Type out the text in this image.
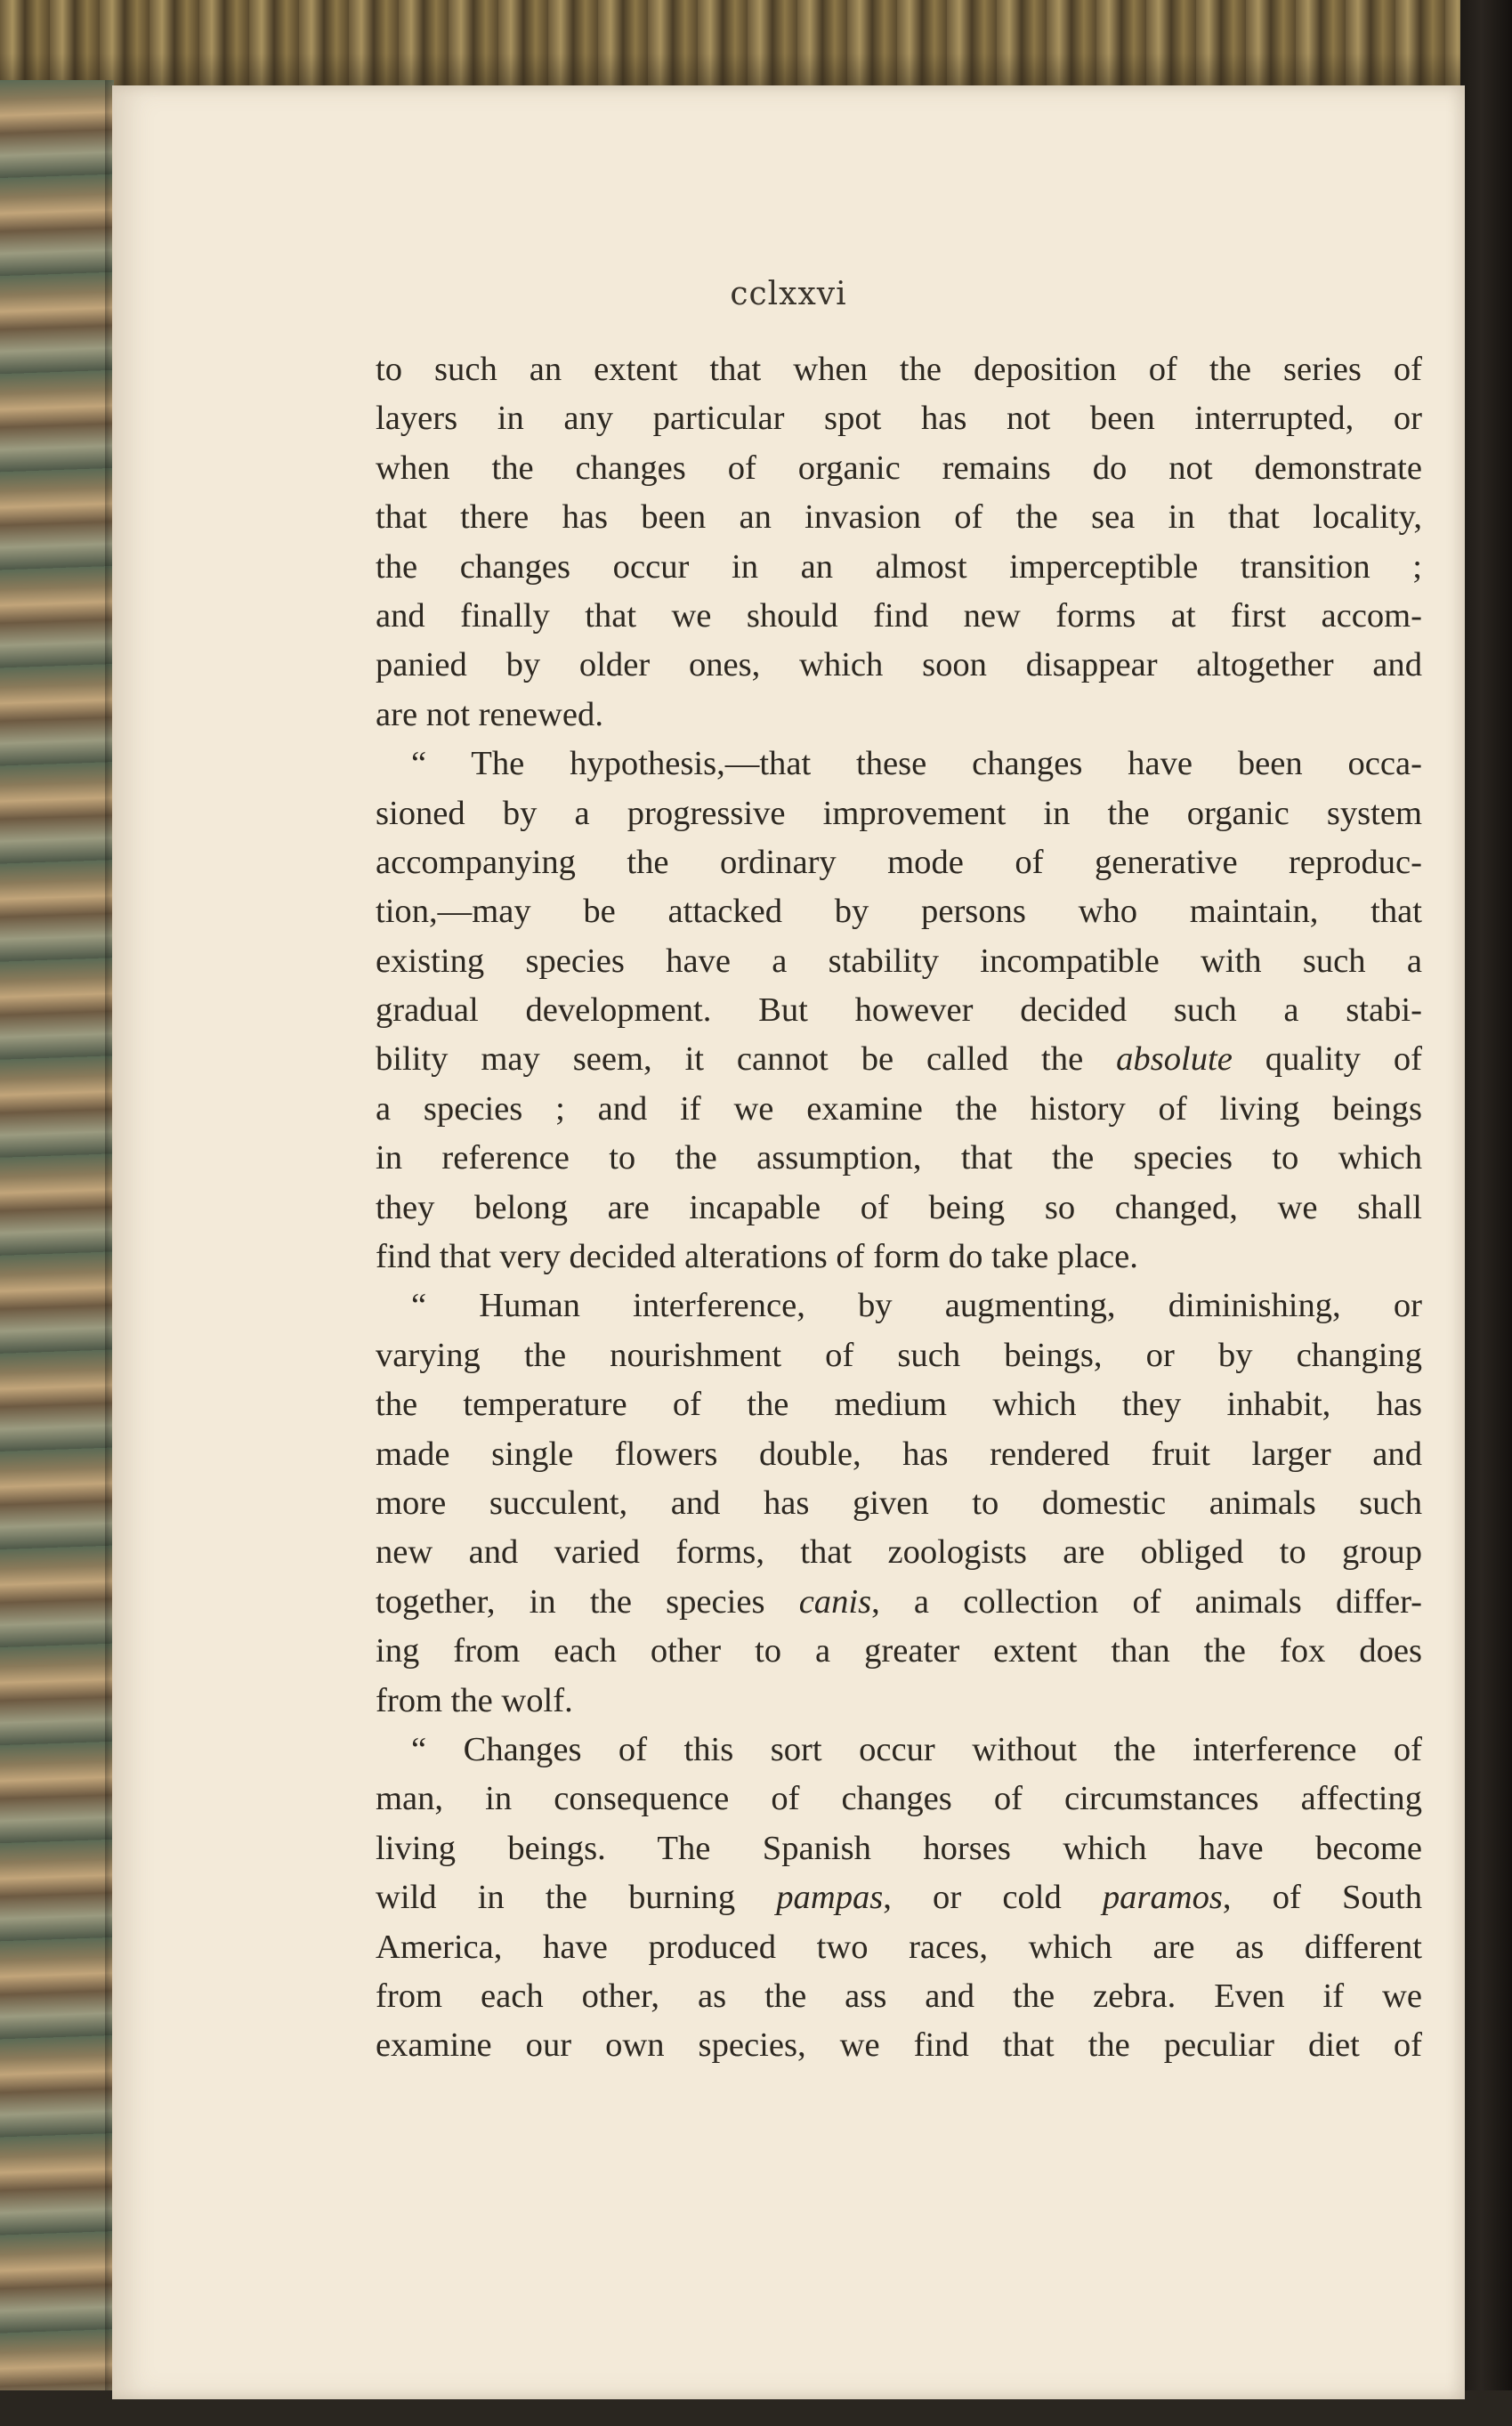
cclxxvi
to such an extent that when the deposition of the series of
layers in any particular spot has not been interrupted, or
when the changes of organic remains do not demonstrate
that there has been an invasion of the sea in that locality,
the changes occur in an almost imperceptible transition ;
and finally that we should find new forms at first accom-
panied by older ones, which soon disappear altogether and
are not renewed.
“ The hypothesis,—that these changes have been occa-
sioned by a progressive improvement in the organic system
accompanying the ordinary mode of generative reproduc-
tion,—may be attacked by persons who maintain, that
existing species have a stability incompatible with such a
gradual development. But however decided such a stabi-
bility may seem, it cannot be called the absolute quality of
a species ; and if we examine the history of living beings
in reference to the assumption, that the species to which
they belong are incapable of being so changed, we shall
find that very decided alterations of form do take place.
“ Human interference, by augmenting, diminishing, or
varying the nourishment of such beings, or by changing
the temperature of the medium which they inhabit, has
made single flowers double, has rendered fruit larger and
more succulent, and has given to domestic animals such
new and varied forms, that zoologists are obliged to group
together, in the species canis, a collection of animals differ-
ing from each other to a greater extent than the fox does
from the wolf.
“ Changes of this sort occur without the interference of
man, in consequence of changes of circumstances affecting
living beings. The Spanish horses which have become
wild in the burning pampas, or cold paramos, of South
America, have produced two races, which are as different
from each other, as the ass and the zebra. Even if we
examine our own species, we find that the peculiar diet of
